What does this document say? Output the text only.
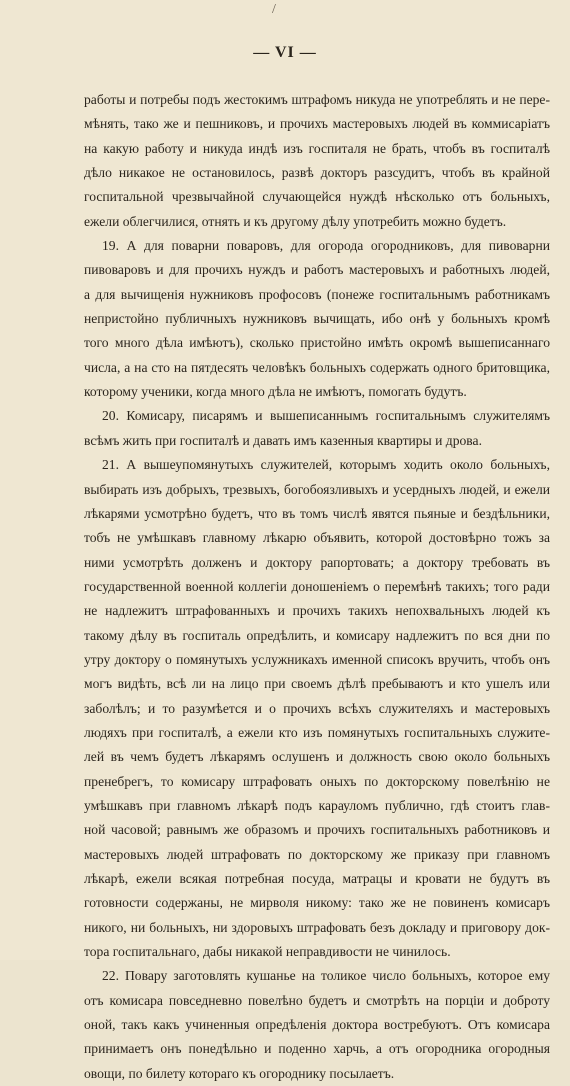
/
— VI —
работы и потребы подъ жестокимъ штрафомъ никуда не употреблять и не пере-
мѣнять, тако же и пешниковъ, и прочихъ мастеровыхъ людей въ коммисаріатъ
на какую работу и никуда индѣ изъ госпиталя не брать, чтобъ въ госпиталѣ
дѣло никакое не остановилось, развѣ докторъ разсудитъ, чтобъ въ крайной
госпитальной чрезвычайной случающейся нуждѣ нѣсколько отъ больныхъ,
ежели облегчилися, отнять и къ другому дѣлу употребить можно будетъ.
19. А для поварни поваровъ, для огорода огородниковъ, для пивоварни
пивоваровъ и для прочихъ нуждъ и работъ мастеровыхъ и работныхъ людей,
а для вычищенія нужниковъ профосовъ (понеже госпитальнымъ работникамъ
непристойно публичныхъ нужниковъ вычищать, ибо онѣ у больныхъ кромѣ
того много дѣла имѣютъ), сколько пристойно имѣть окромѣ вышеписаннаго
числа, а на сто на пятдесять человѣкъ больныхъ содержать одного бритовщика,
которому ученики, когда много дѣла не имѣютъ, помогать будутъ.
20. Комисару, писарямъ и вышеписаннымъ госпитальнымъ служителямъ
всѣмъ жить при госпиталѣ и давать имъ казенныя квартиры и дрова.
21. А вышеупомянутыхъ служителей, которымъ ходить около больныхъ,
выбирать изъ добрыхъ, трезвыхъ, богобоязливыхъ и усердныхъ людей, и ежели
лѣкарями усмотрѣно будетъ, что въ томъ числѣ явятся пьяные и бездѣльники,
тобъ не умѣшкавъ главному лѣкарю объявить, которой достовѣрно тожъ за
ними усмотрѣть долженъ и доктору рапортовать; а доктору требовать въ
государственной военной коллегіи доношеніемъ о перемѣнѣ такихъ; того ради
не надлежитъ штрафованныхъ и прочихъ такихъ непохвальныхъ людей къ
такому дѣлу въ госпиталь опредѣлить, и комисару надлежитъ по вся дни по
утру доктору о помянутыхъ услужникахъ именной списокъ вручить, чтобъ онъ
могъ видѣть, всѣ ли на лицо при своемъ дѣлѣ пребываютъ и кто ушелъ или
заболѣлъ; и то разумѣется и о прочихъ всѣхъ служителяхъ и мастеровыхъ
людяхъ при госпиталѣ, а ежели кто изъ помянутыхъ госпитальныхъ служите-
лей въ чемъ будетъ лѣкарямъ ослушенъ и должность свою около больныхъ
пренебрегъ, то комисару штрафовать оныхъ по докторскому повелѣнію не
умѣшкавъ при главномъ лѣкарѣ подъ карауломъ публично, гдѣ стоитъ глав-
ной часовой; равнымъ же образомъ и прочихъ госпитальныхъ работниковъ и
мастеровыхъ людей штрафовать по докторскому же приказу при главномъ
лѣкарѣ, ежели всякая потребная посуда, матрацы и кровати не будутъ въ
готовности содержаны, не мирволя никому: тако же не повиненъ комисаръ
никого, ни больныхъ, ни здоровыхъ штрафовать безъ докладу и приговору док-
тора госпитальнаго, дабы никакой неправдивости не чинилось.
22. Повару заготовлять кушанье на толикое число больныхъ, которое ему
отъ комисара повседневно повелѣно будетъ и смотрѣть на порціи и доброту
оной, такъ какъ учиненныя опредѣленія доктора востребуютъ. Отъ комисара
принимаетъ онъ понедѣльно и поденно харчь, а отъ огородника огородныя
овощи, по билету котораго къ огороднику посылаетъ.
